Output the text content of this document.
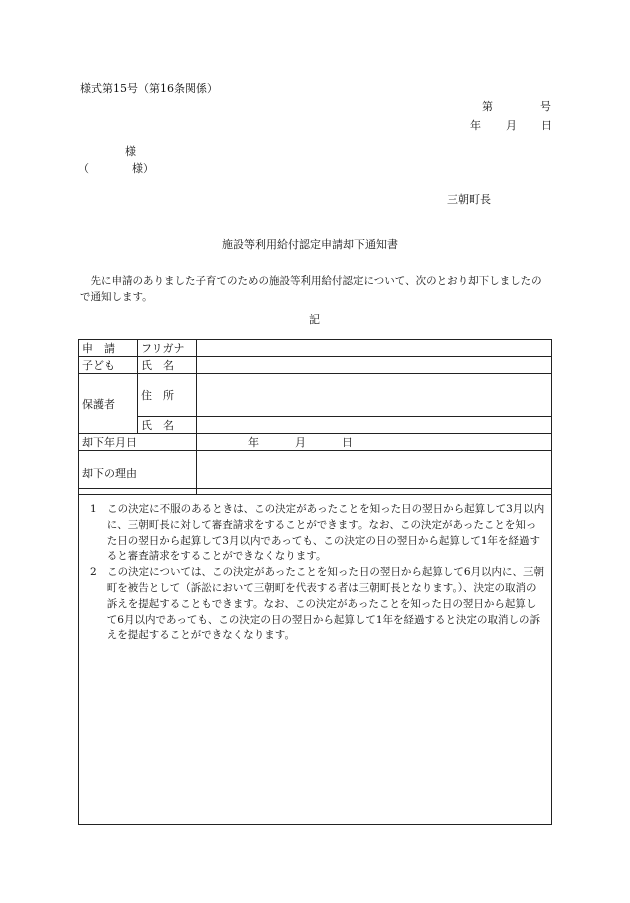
様式第15号（第16条関係）
第	号
年 月 日
様
（	様）
三朝町長
施設等利用給付認定申請却下通知書
先に申請のありました子育てのための施設等利用給付認定について、次のとおり却下しましたので通知します。
記
申　請	フリガナ	
子ども	氏　名	
保護者	住　所	
	氏　名	
却下年月日		年 月 日
却下の理由		

1　この決定に不服のあるときは、この決定があったことを知った日の翌日から起算して3月以内に、三朝町長に対して審査請求をすることができます。なお、この決定があったことを知った日の翌日から起算して3月以内であっても、この決定の日の翌日から起算して1年を経過すると審査請求をすることができなくなります。

2　この決定については、この決定があったことを知った日の翌日から起算して6月以内に、三朝町を被告として（訴訟において三朝町を代表する者は三朝町長となります。）、決定の取消の訴えを提起することもできます。なお、この決定があったことを知った日の翌日から起算して6月以内であっても、この決定の日の翌日から起算して1年を経過すると決定の取消しの訴えを提起することができなくなります。
